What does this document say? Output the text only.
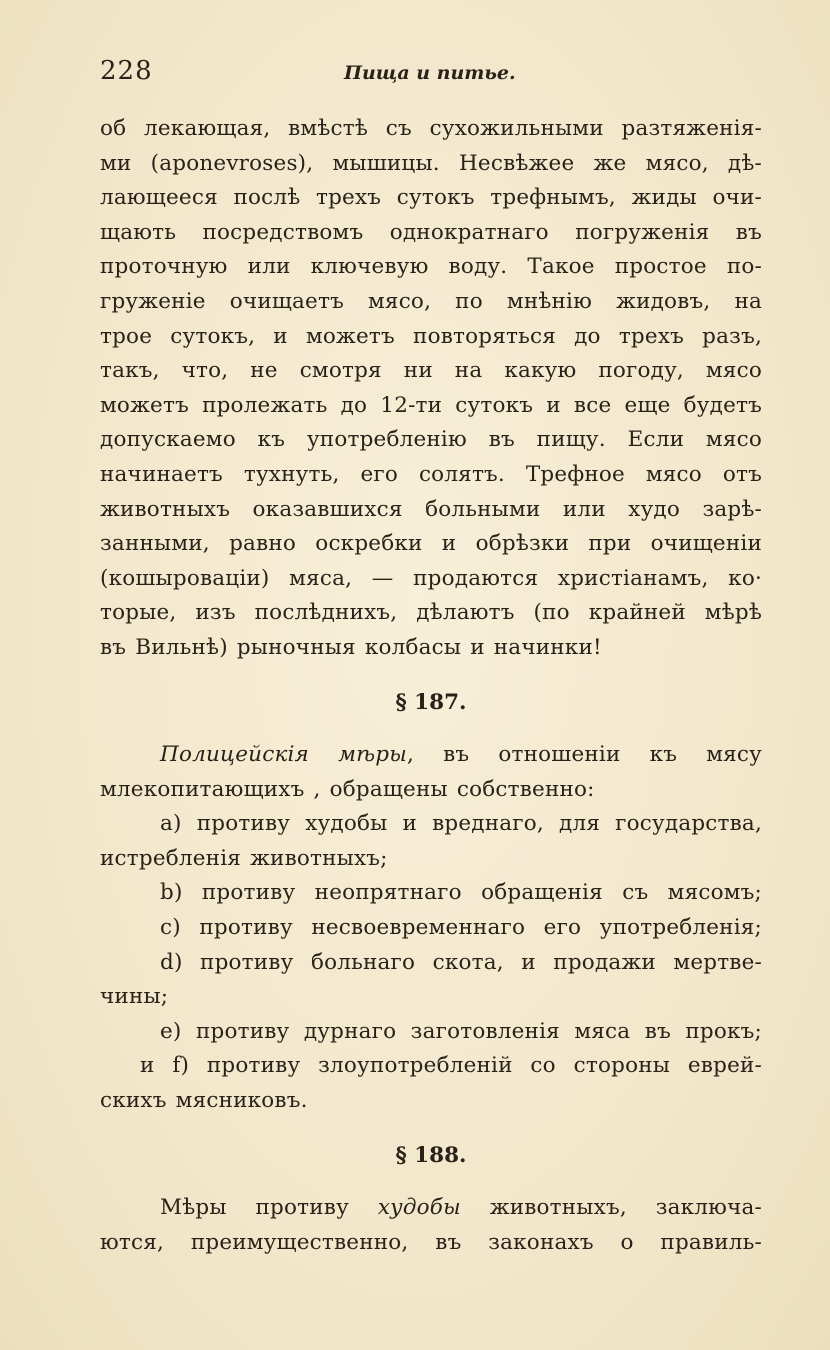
228	Пища и питье.
об лекающая, вмѣстѣ съ сухожильными разтяженія-
ми (aponevroses), мышицы. Несвѣжее же мясо, дѣ-
лающееся послѣ трехъ сутокъ трефнымъ, жиды очи-
щають посредствомъ однократнаго погруженія въ
проточную или ключевую воду. Такое простое по-
груженіе очищаетъ мясо, по мнѣнію жидовъ, на
трое сутокъ, и можетъ повторяться до трехъ разъ,
такъ, что, не смотря ни на какую погоду, мясо
можетъ пролежать до 12-ти сутокъ и все еще будетъ
допускаемо къ употребленію въ пищу. Если мясо
начинаетъ тухнуть, его солятъ. Трефное мясо отъ
животныхъ оказавшихся больными или худо зарѣ-
занными, равно оскребки и обрѣзки при очищеніи
(кошыроваціи) мяса, — продаются христіанамъ, ко·
торые, изъ послѣднихъ, дѣлаютъ (по крайней мѣрѣ
въ Вильнѣ) рыночныя колбасы и начинки!
§ 187.
Полицейскія мѣры, въ отношеніи къ мясу
млекопитающихъ , обращены собственно:
а) противу худобы и вреднаго, для государства,
истребленія животныхъ;
b) противу неопрятнаго обращенія съ мясомъ;
c) противу несвоевременнаго его употребленія;
d) противу больнаго скота, и продажи мертве-
чины;
e) противу дурнаго заготовленія мяса въ прокъ;
и f) противу злоупотребленій со стороны еврей-
скихъ мясниковъ.
§ 188.
Мѣры противу худобы животныхъ, заключа-
ются, преимущественно, въ законахъ о правиль-
